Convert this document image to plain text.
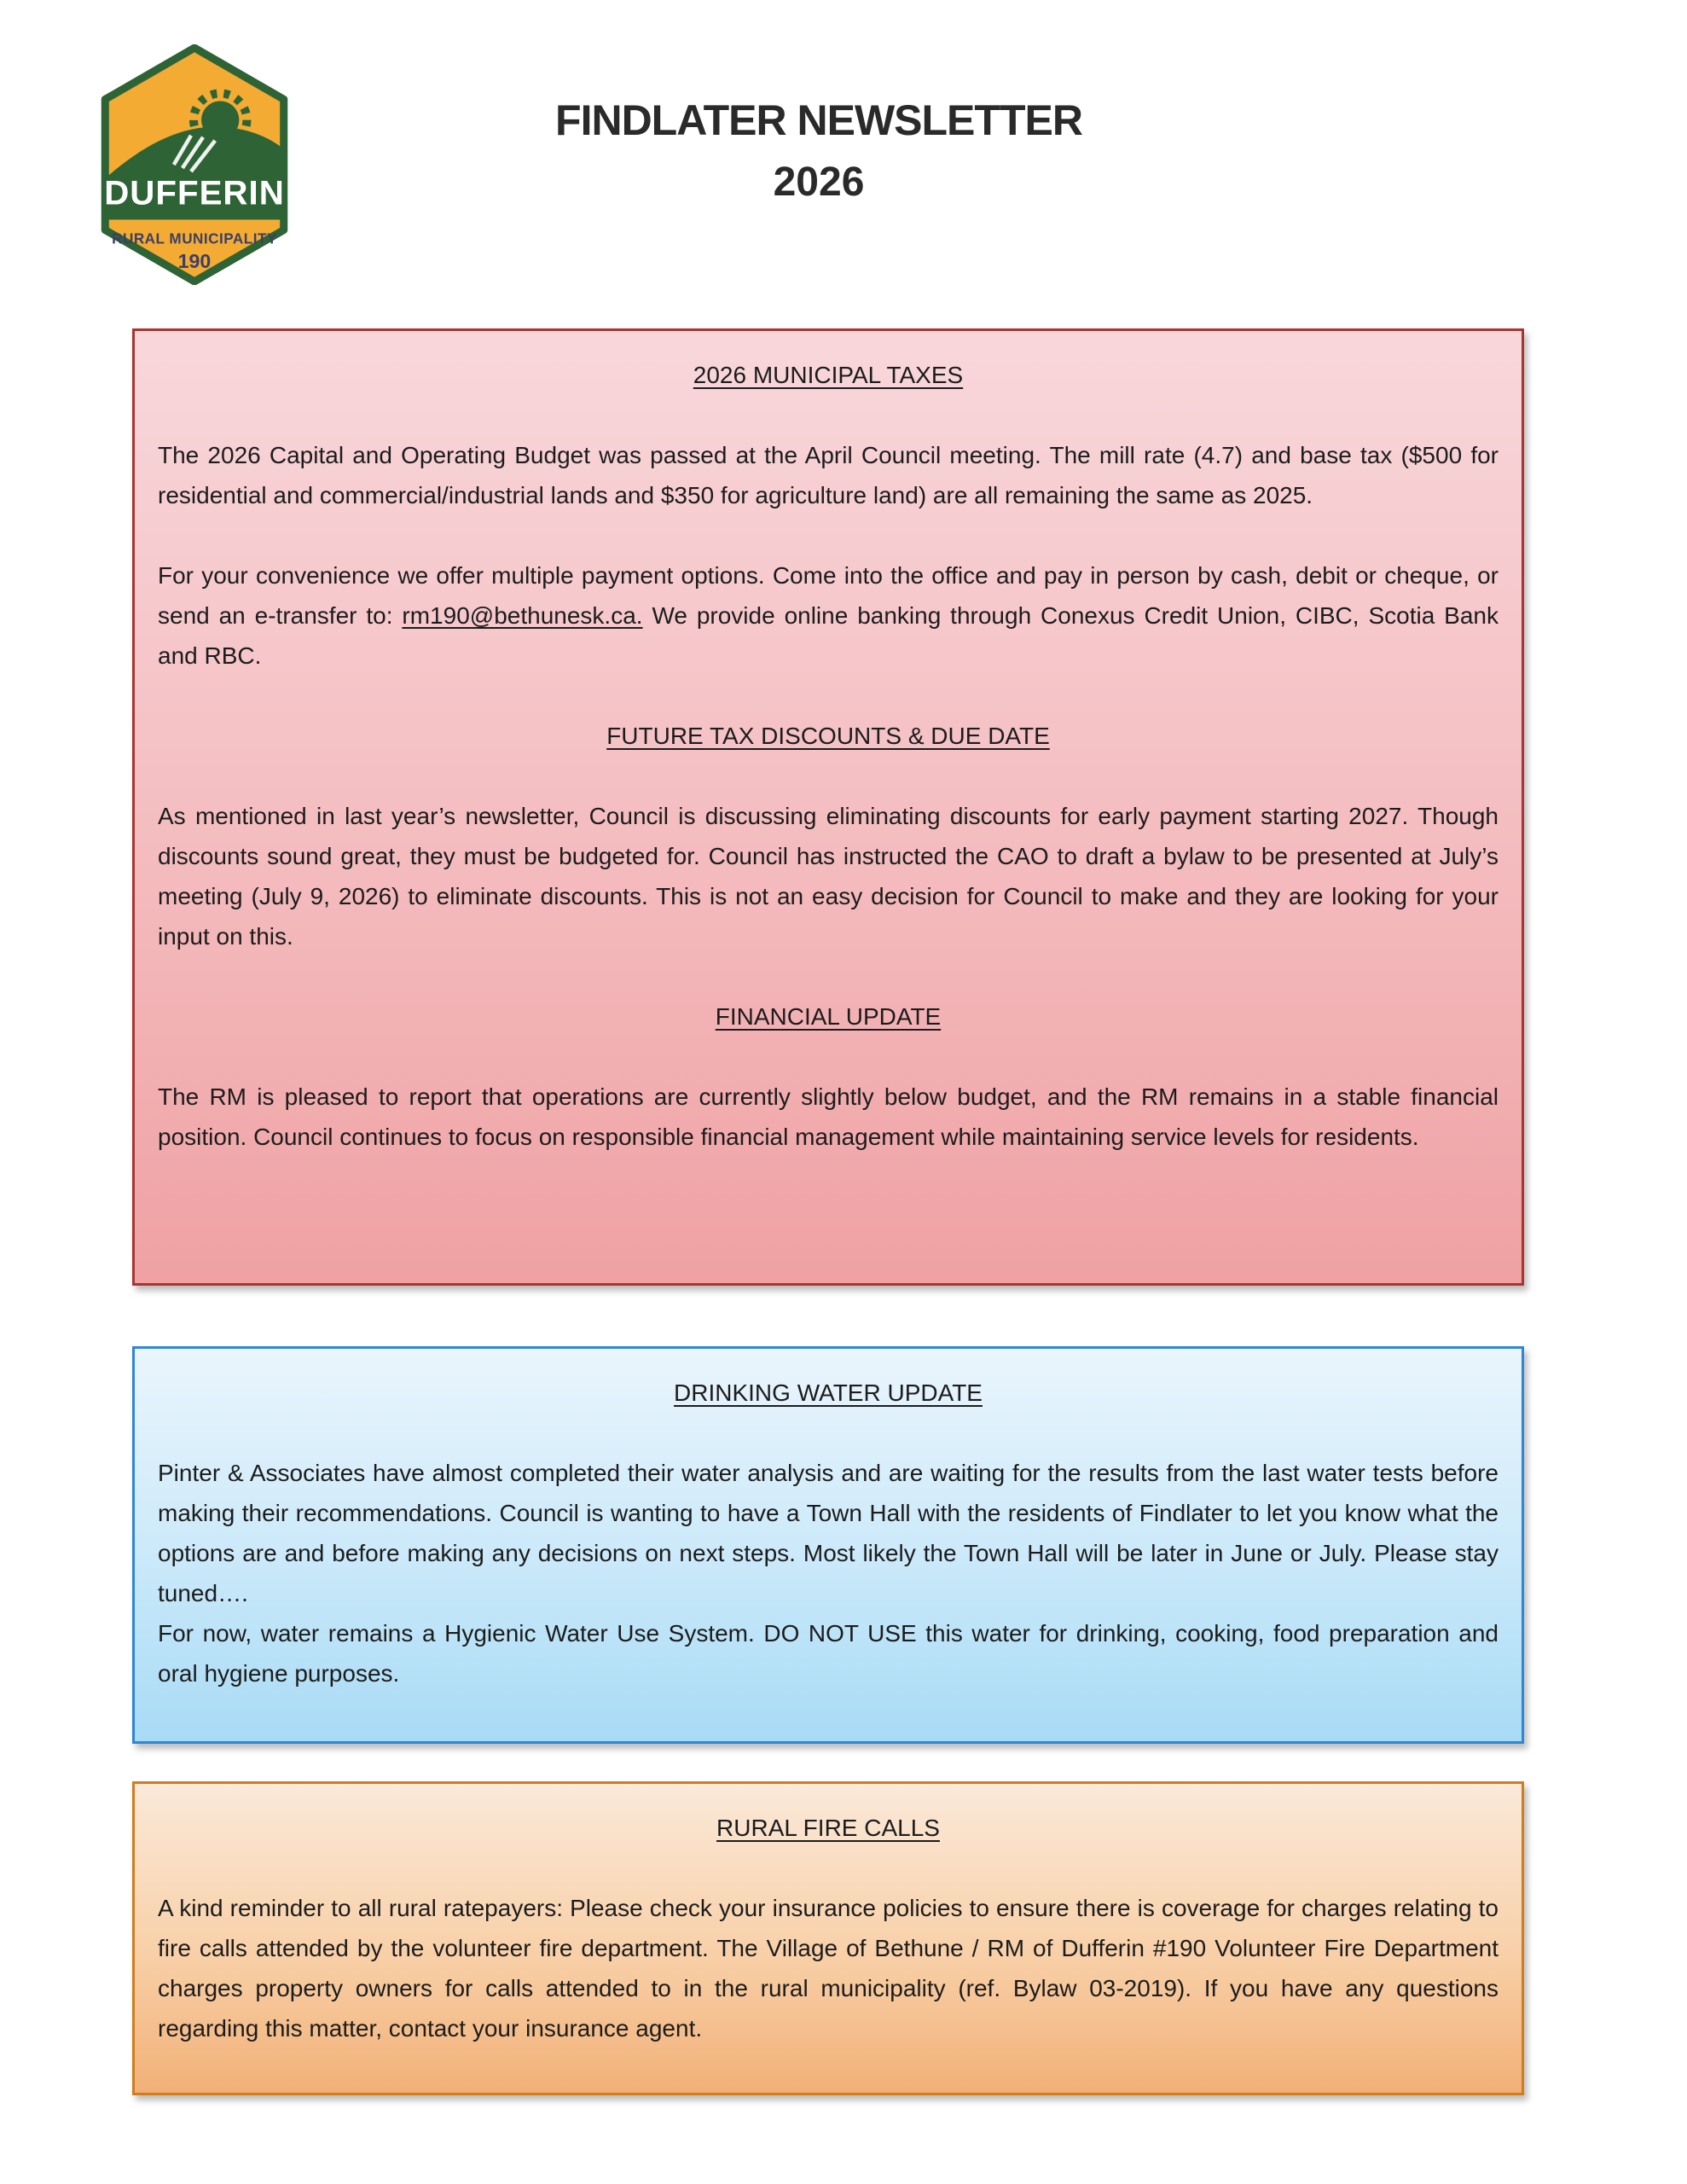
DUFFERIN
RURAL MUNICIPALITY
190
FINDLATER NEWSLETTER
2026
2026 MUNICIPAL TAXES

The 2026 Capital and Operating Budget was passed at the April Council meeting. The mill rate (4.7) and base tax ($500 for residential and commercial/industrial lands and $350 for agriculture land) are all remaining the same as 2025.

For your convenience we offer multiple payment options. Come into the office and pay in person by cash, debit or cheque, or send an e-transfer to: rm190@bethunesk.ca. We provide online banking through Conexus Credit Union, CIBC, Scotia Bank and RBC.

FUTURE TAX DISCOUNTS & DUE DATE

As mentioned in last year’s newsletter, Council is discussing eliminating discounts for early payment starting 2027. Though discounts sound great, they must be budgeted for. Council has instructed the CAO to draft a bylaw to be presented at July’s meeting (July 9, 2026) to eliminate discounts. This is not an easy decision for Council to make and they are looking for your input on this.

FINANCIAL UPDATE

The RM is pleased to report that operations are currently slightly below budget, and the RM remains in a stable financial position. Council continues to focus on responsible financial management while maintaining service levels for residents.

DRINKING WATER UPDATE

Pinter & Associates have almost completed their water analysis and are waiting for the results from the last water tests before making their recommendations. Council is wanting to have a Town Hall with the residents of Findlater to let you know what the options are and before making any decisions on next steps. Most likely the Town Hall will be later in June or July. Please stay tuned….

For now, water remains a Hygienic Water Use System. DO NOT USE this water for drinking, cooking, food preparation and oral hygiene purposes.

RURAL FIRE CALLS

A kind reminder to all rural ratepayers: Please check your insurance policies to ensure there is coverage for charges relating to fire calls attended by the volunteer fire department. The Village of Bethune / RM of Dufferin #190 Volunteer Fire Department charges property owners for calls attended to in the rural municipality (ref. Bylaw 03-2019). If you have any questions regarding this matter, contact your insurance agent.
